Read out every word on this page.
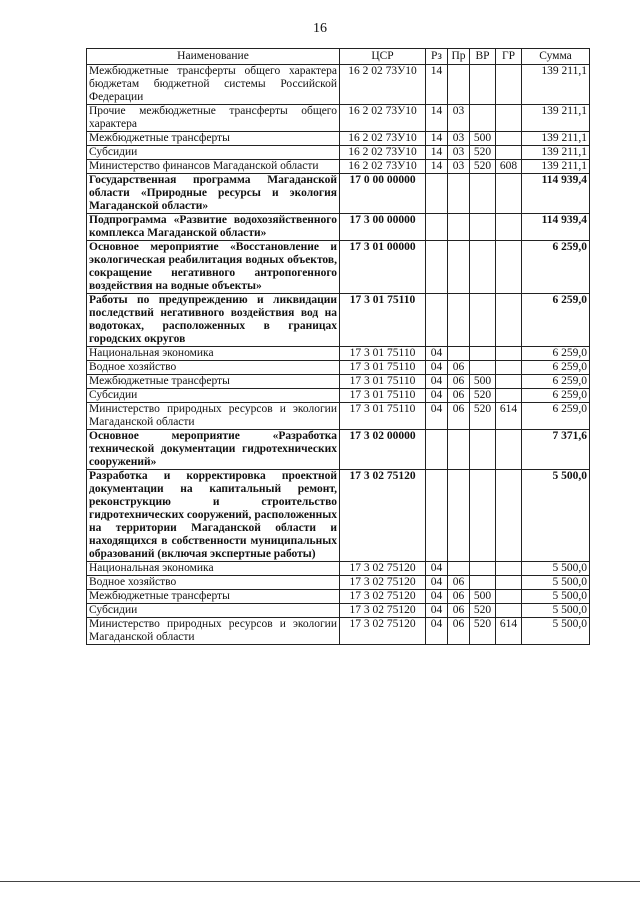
16
Наименование	ЦСР	Рз	Пр	ВР	ГР	Сумма
Межбюджетные трансферты общего характера бюджетам бюджетной системы Российской Федерации	16 2 02 73У10	14				139 211,1
Прочие межбюджетные трансферты общего характера	16 2 02 73У10	14	03			139 211,1
Межбюджетные трансферты	16 2 02 73У10	14	03	500		139 211,1
Субсидии	16 2 02 73У10	14	03	520		139 211,1
Министерство финансов Магаданской области	16 2 02 73У10	14	03	520	608	139 211,1
Государственная программа Магаданской области «Природные ресурсы и экология Магаданской области»	17 0 00 00000					114 939,4
Подпрограмма «Развитие водохозяйственного комплекса Магаданской области»	17 3 00 00000					114 939,4
Основное мероприятие «Восстановление и экологическая реабилитация водных объектов, сокращение негативного антропогенного воздействия на водные объекты»	17 3 01 00000					6 259,0
Работы по предупреждению и ликвидации последствий негативного воздействия вод на водотоках, расположенных в границах городских округов	17 3 01 75110					6 259,0
Национальная экономика	17 3 01 75110	04				6 259,0
Водное хозяйство	17 3 01 75110	04	06			6 259,0
Межбюджетные трансферты	17 3 01 75110	04	06	500		6 259,0
Субсидии	17 3 01 75110	04	06	520		6 259,0
Министерство природных ресурсов и экологии Магаданской области	17 3 01 75110	04	06	520	614	6 259,0
Основное мероприятие «Разработка технической документации гидротехнических сооружений»	17 3 02 00000					7 371,6
Разработка и корректировка проектной документации на капитальный ремонт, реконструкцию и строительство гидротехнических сооружений, расположенных на территории Магаданской области и находящихся в собственности муниципальных образований (включая экспертные работы)	17 3 02 75120					5 500,0
Национальная экономика	17 3 02 75120	04				5 500,0
Водное хозяйство	17 3 02 75120	04	06			5 500,0
Межбюджетные трансферты	17 3 02 75120	04	06	500		5 500,0
Субсидии	17 3 02 75120	04	06	520		5 500,0
Министерство природных ресурсов и экологии Магаданской области	17 3 02 75120	04	06	520	614	5 500,0
